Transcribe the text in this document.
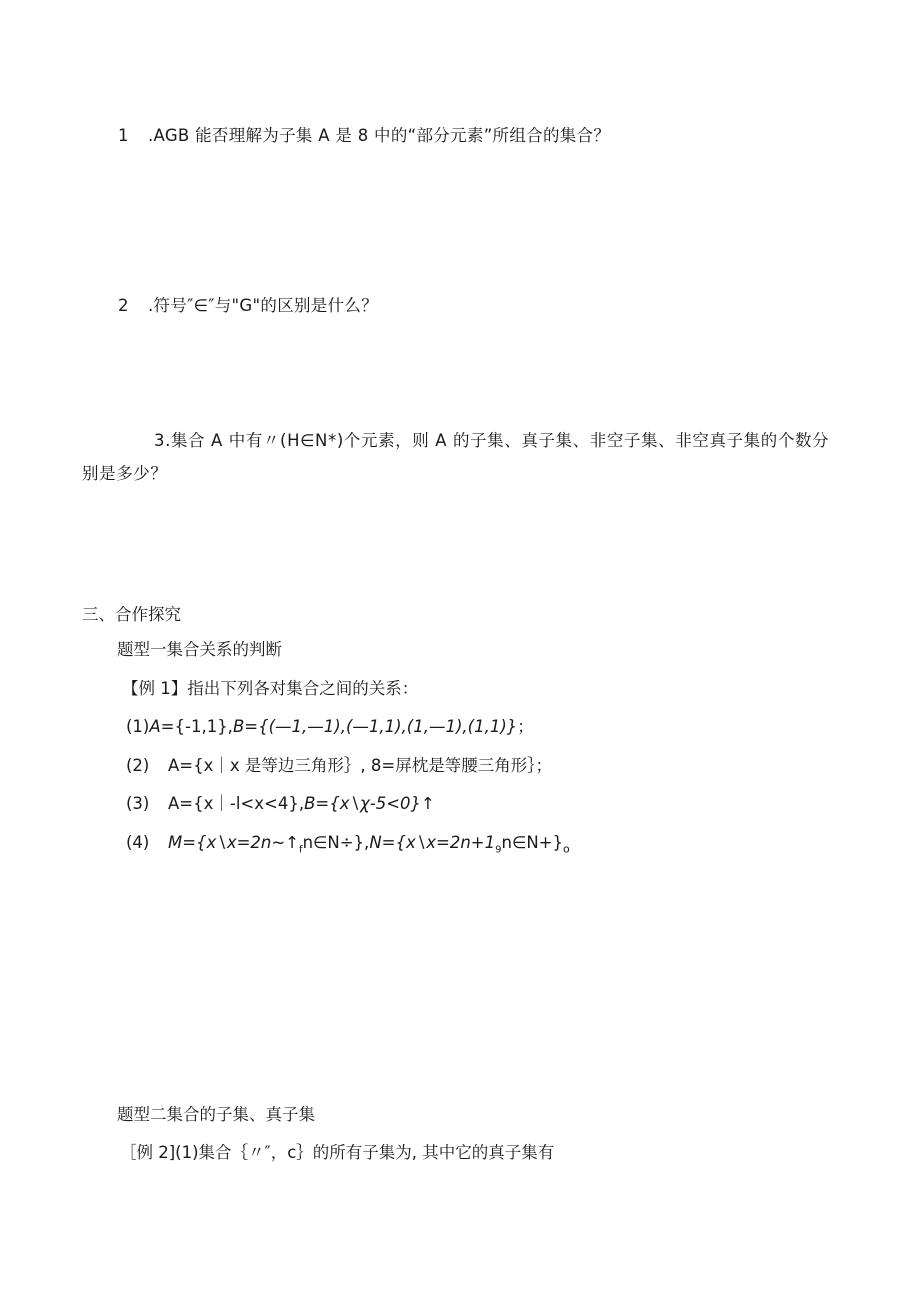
1 .AGB 能否理解为子集 A 是 8 中的“部分元素”所组合的集合？
2 .符号″∈″与"G"的区别是什么？
3.集合 A 中有〃(H∈N*)个元素，则 A 的子集、真子集、非空子集、非空真子集的个数分别是多少？
三、合作探究
题型一集合关系的判断
【例 1】指出下列各对集合之间的关系：
(1)A={-1,1},B={(—1,—1),(—1,1),(1,—1),(1,1)}；
(2) A={x｜x 是等边三角形｝, 8=屏枕是等腰三角形｝；
(3) A={x｜-l<x<4},B={x∖χ-5<0}↑
(4) $M=\{x∖x=2n\sim↑_fn\in N\div\},N=\{x∖x=2n+1_9n\in N+\}_o$
题型二集合的子集、真子集
［例 2](1)集合｛〃″，c｝的所有子集为, 其中它的真子集有
